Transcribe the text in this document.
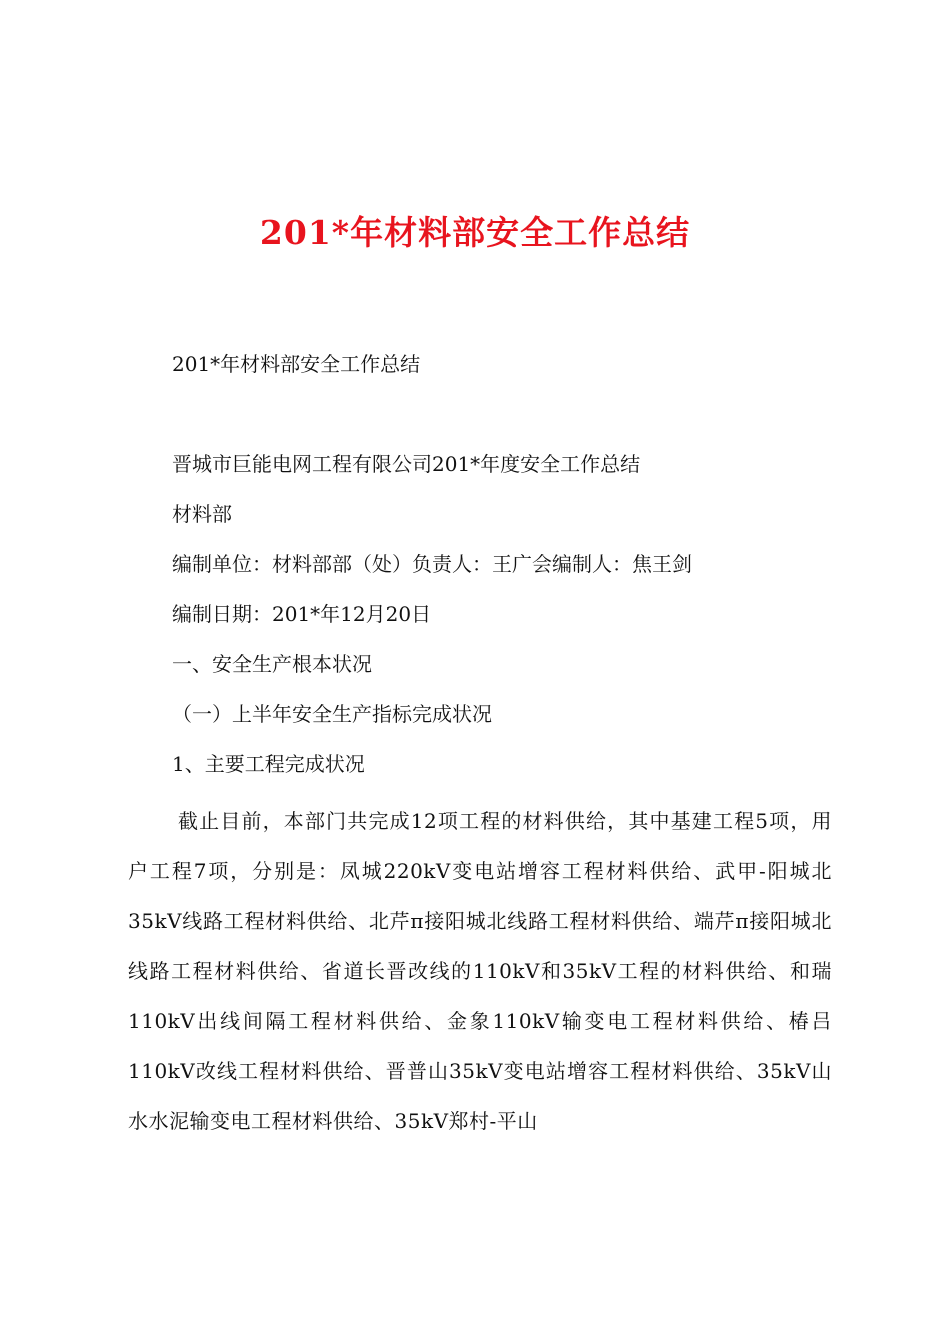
201*年材料部安全工作总结
201*年材料部安全工作总结
晋城市巨能电网工程有限公司201*年度安全工作总结
材料部
编制单位：材料部部（处）负责人：王广会编制人：焦王剑
编制日期：201*年12月20日
一、安全生产根本状况
（一）上半年安全生产指标完成状况
1、主要工程完成状况
截止目前，本部门共完成12项工程的材料供给，其中基建工程5项，用户工程7项，分别是：凤城220kV变电站增容工程材料供给、武甲-阳城北35kV线路工程材料供给、北芹π接阳城北线路工程材料供给、端芹π接阳城北线路工程材料供给、省道长晋改线的110kV和35kV工程的材料供给、和瑞110kV出线间隔工程材料供给、金象110kV输变电工程材料供给、椿吕110kV改线工程材料供给、晋普山35kV变电站增容工程材料供给、35kV山水水泥输变电工程材料供给、35kV郑村-平山
